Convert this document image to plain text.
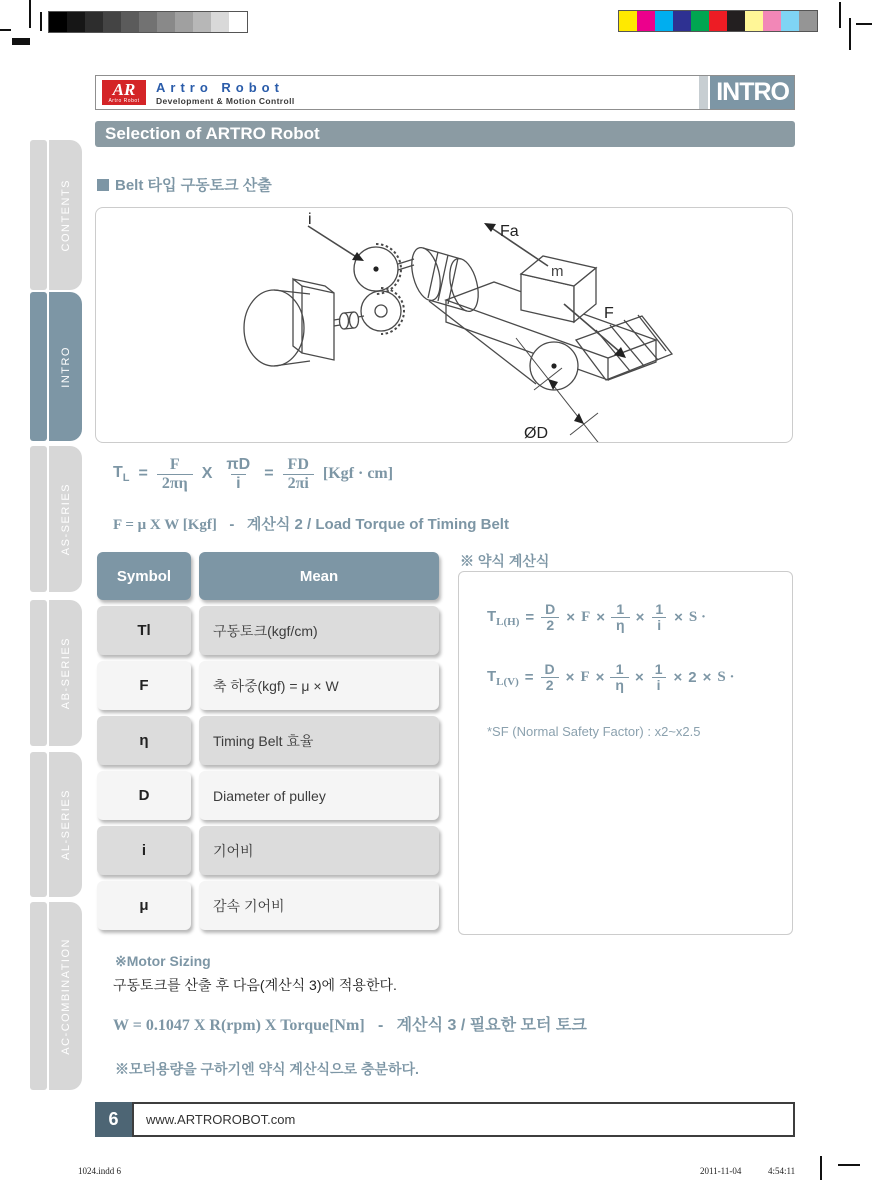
CONTENTS
INTRO
AS-SERIES
AB-SERIES
AL-SERIES
AC-COMBINATION
AR
Artro Robot
Artro Robot
Development & Motion Controll	INTRO
Selection of ARTRO Robot
Belt 타입 구동토크 산출
i
Fa
m
F
ØD
$T_L = \frac{F}{2\pi\eta}$ X $\frac{\pi D}{i} = \frac{FD}{2\pi i} [Kgf \cdot cm]$
F = μ X W [Kgf] - 계산식 2 / Load Torque of Timing Belt
Symbol	Mean
Tl	구동토크(kgf/cm)
F	축 하중(kgf) = μ × W
η	Timing Belt 효율
D	Diameter of pulley
i	기어비
μ	감속 기어비
※ 약식 계산식
$T_{L(H)} = \frac{D}{2} \times F \times \frac{1}{\eta} \times \frac{1}{i} \times S$ ·
$T_{L(V)} = \frac{D}{2} \times F \times \frac{1}{\eta} \times \frac{1}{i} \times 2 \times S$ ·
*SF (Normal Safety Factor) : x2~x2.5
※Motor Sizing
구동토크를 산출 후 다음(계산식 3)에 적용한다.
W = 0.1047 X R(rpm) X Torque[Nm] - 계산식 3 / 필요한 모터 토크
※모터용량을 구하기엔 약식 계산식으로 충분하다.
6	www.ARTROROBOT.com
1024.indd 6	2011-11-04	4:54:11
